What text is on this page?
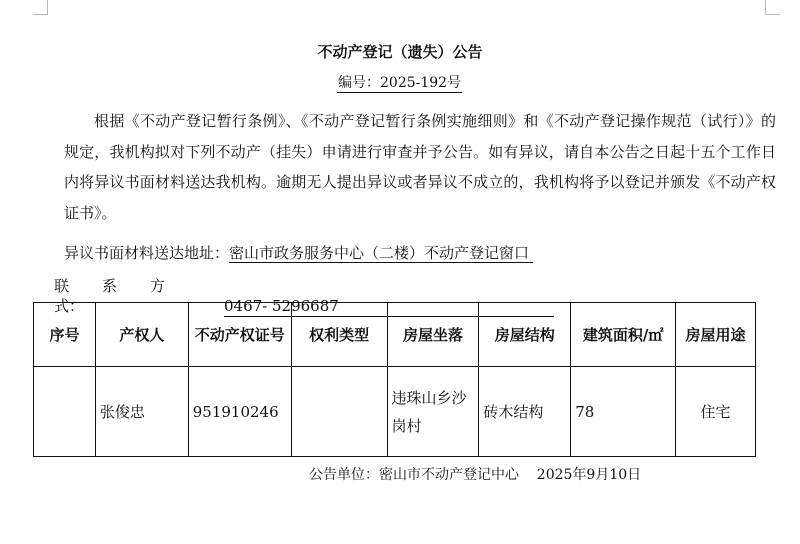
不动产登记（遗失）公告
编号：2025-192号

根据《不动产登记暂行条例》、《不动产登记暂行条例实施细则》和《不动产登记操作规范（试行）》的规定，我机构拟对下列不动产（挂失）申请进行审查并予公告。如有异议，请自本公告之日起十五个工作日内将异议书面材料送达我机构。逾期无人提出异议或者异议不成立的，我机构将予以登记并颁发《不动产权证书》。

异议书面材料送达地址：密山市政务服务中心（二楼）不动产登记窗口
联 系 方式：	0467- 5296687
序号	产权人	不动产权证号	权利类型	房屋坐落	房屋结构	建筑面积/㎡	房屋用途
	张俊忠	951910246		违珠山乡沙岗村	砖木结构	78	住宅
公告单位：密山市不动产登记中心    2025年9月10日
